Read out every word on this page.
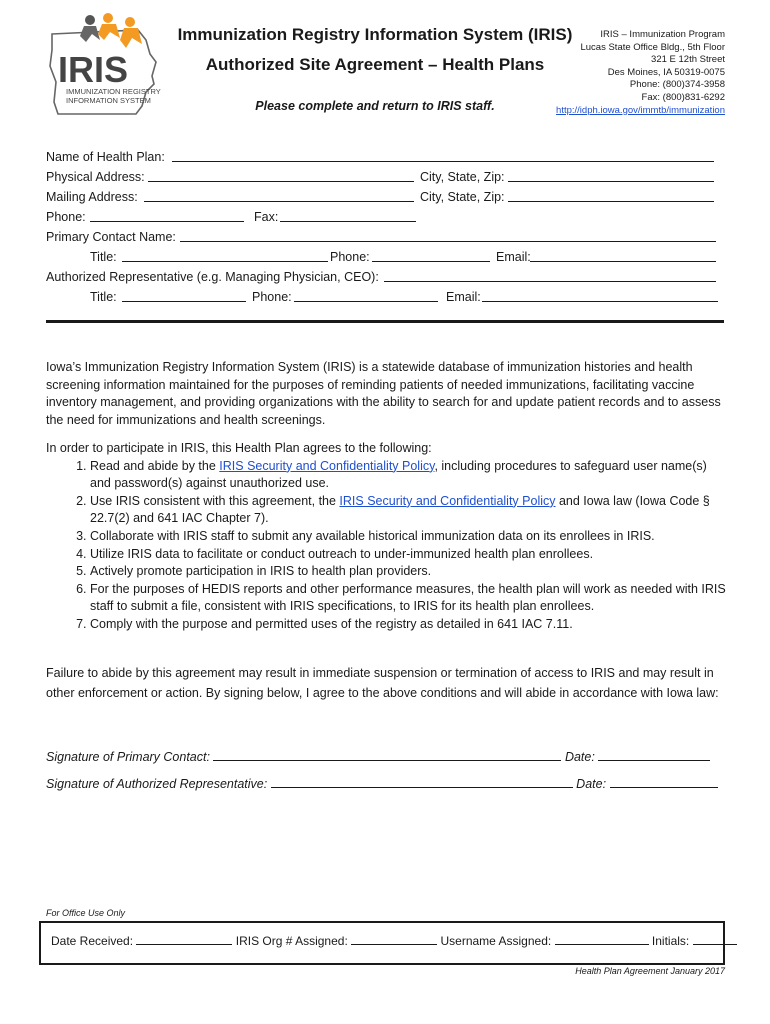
IRIS
IMMUNIZATION REGISTRY
INFORMATION SYSTEM
Immunization Registry Information System (IRIS)
Authorized Site Agreement – Health Plans
Please complete and return to IRIS staff.
IRIS – Immunization Program
Lucas State Office Bldg., 5th Floor
321 E 12th Street
Des Moines, IA 50319-0075
Phone: (800)374-3958
Fax: (800)831-6292
http://idph.iowa.gov/immtb/immunization
Name of Health Plan:
Physical Address:	City, State, Zip:
Mailing Address:	City, State, Zip:
Phone:	Fax:
Primary Contact Name:
Title:	Phone:	Email:
Authorized Representative (e.g. Managing Physician, CEO):
Title:	Phone:	Email:
Iowa’s Immunization Registry Information System (IRIS) is a statewide database of immunization histories and health screening information maintained for the purposes of reminding patients of needed immunizations, facilitating vaccine inventory management, and providing organizations with the ability to search for and update patient records and to assess the need for immunizations and health screenings.
In order to participate in IRIS, this Health Plan agrees to the following:
1. Read and abide by the IRIS Security and Confidentiality Policy, including procedures to safeguard user name(s) and password(s) against unauthorized use.
2. Use IRIS consistent with this agreement, the IRIS Security and Confidentiality Policy and Iowa law (Iowa Code § 22.7(2) and 641 IAC Chapter 7).
3. Collaborate with IRIS staff to submit any available historical immunization data on its enrollees in IRIS.
4. Utilize IRIS data to facilitate or conduct outreach to under-immunized health plan enrollees.
5. Actively promote participation in IRIS to health plan providers.
6. For the purposes of HEDIS reports and other performance measures, the health plan will work as needed with IRIS staff to submit a file, consistent with IRIS specifications, to IRIS for its health plan enrollees.
7. Comply with the purpose and permitted uses of the registry as detailed in 641 IAC 7.11.
Failure to abide by this agreement may result in immediate suspension or termination of access to IRIS and may result in other enforcement or action. By signing below, I agree to the above conditions and will abide in accordance with Iowa law:
Signature of Primary Contact:	Date:
Signature of Authorized Representative:	Date:
For Office Use Only
Date Received:	IRIS Org # Assigned:	Username Assigned:	Initials:
Health Plan Agreement January 2017
